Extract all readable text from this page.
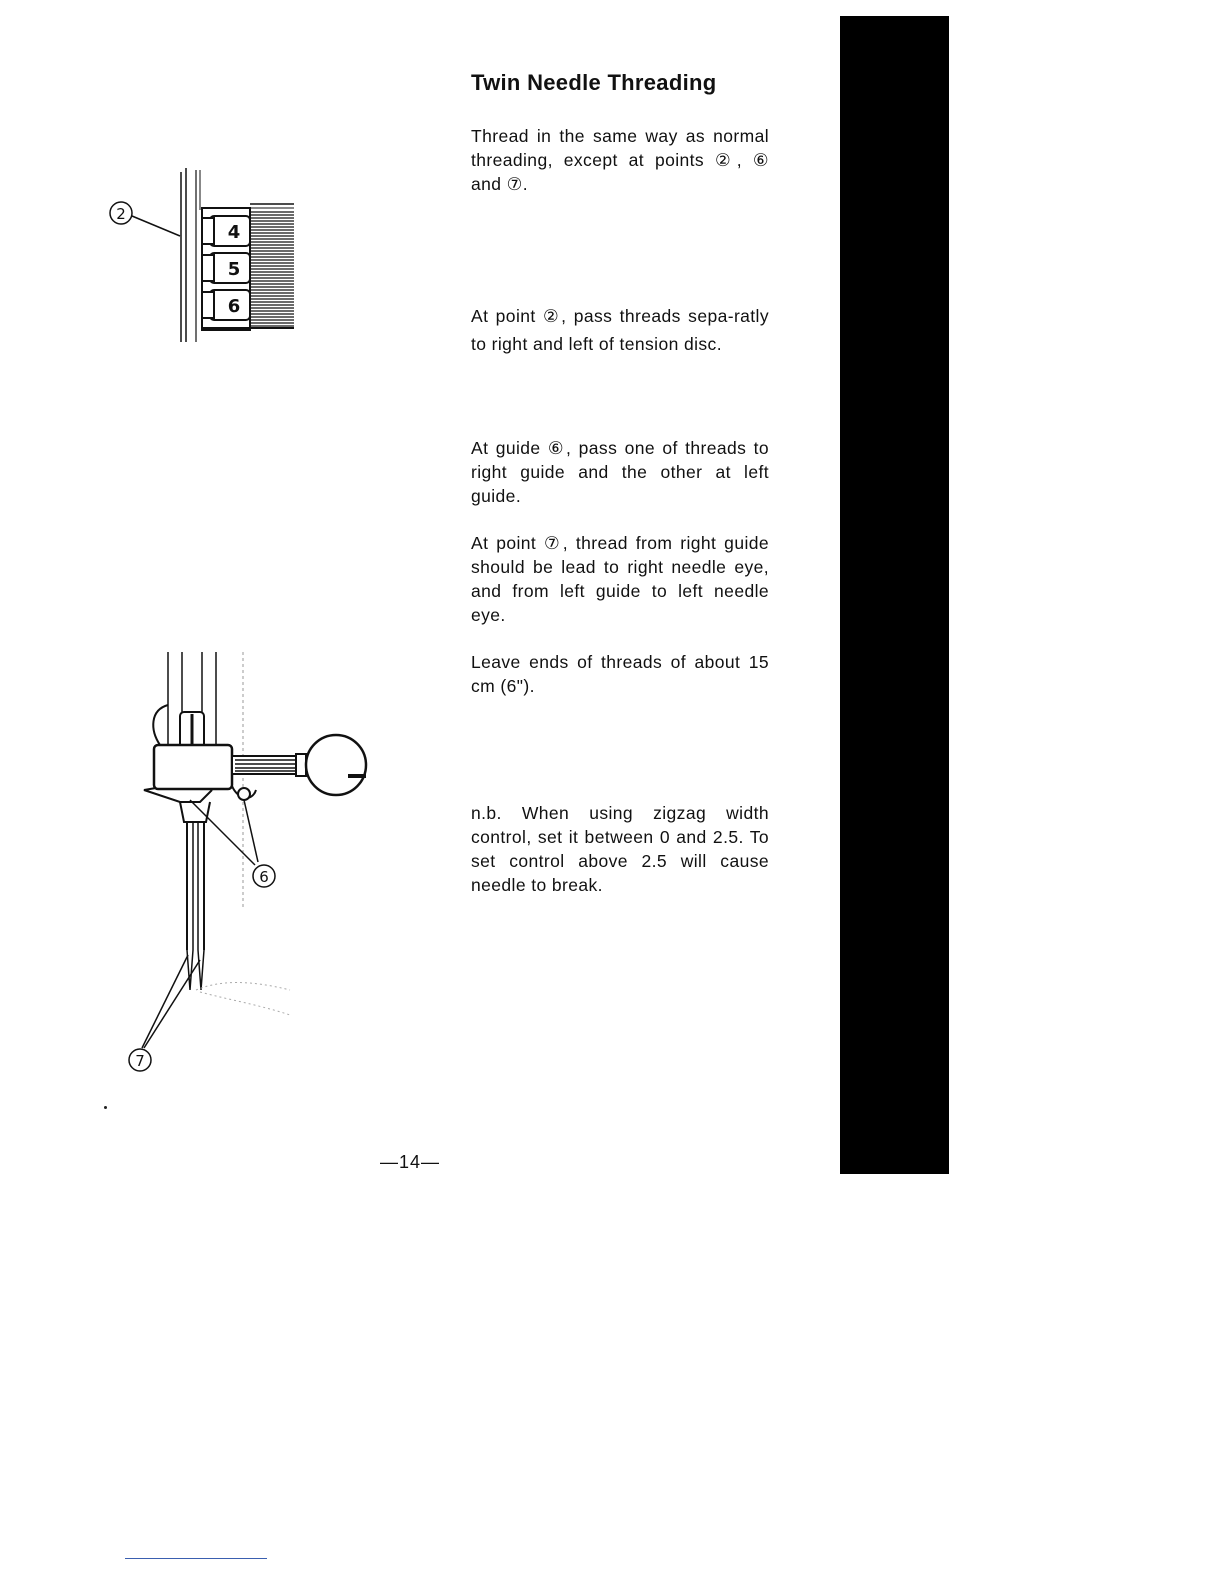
Twin Needle Threading
Thread in the same way as normal threading, except at points ②, ⑥ and ⑦.
At point ②, pass threads sepa-ratly to right and left of tension disc.
At guide ⑥, pass one of threads to right guide and the other at left guide.
At point ⑦, thread from right guide should be lead to right needle eye, and from left guide to left needle eye.
Leave ends of threads of about 15 cm (6").
n.b. When using zigzag width control, set it between 0 and 2.5. To set control above 2.5 will cause needle to break.
—14—
2
4
5
6
6
7
